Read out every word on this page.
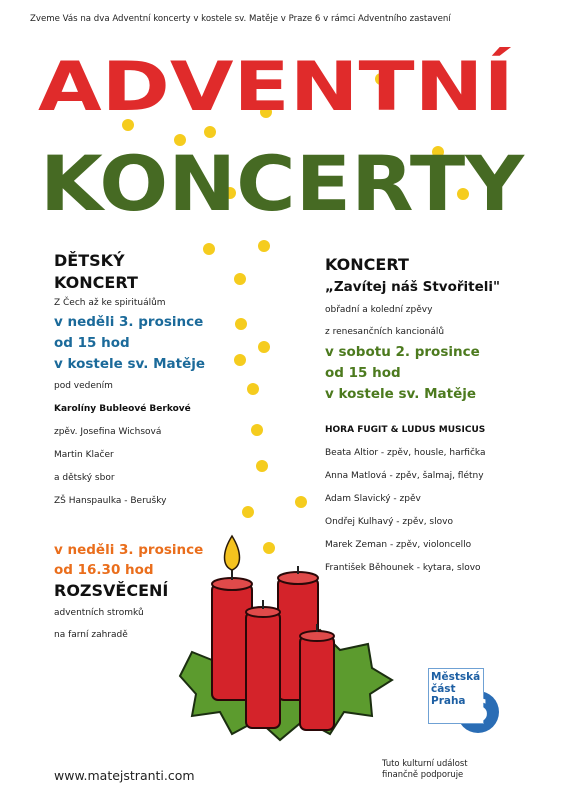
ADVENTNÍ
KONCERTY
Zveme Vás na dva Adventní koncerty v kostele sv. Matěje v Praze 6 v rámci Adventního zastavení
DĚTSKÝ
KONCERT
Z Čech až ke spirituálům
v neděli 3. prosince
od 15 hod
v kostele sv. Matěje
pod vedením
Karolíny Bubleové Berkové
zpěv. Josefina Wichsová
Martin Klačer
a dětský sbor
ZŠ Hanspaulka - Berušky
v neděli 3. prosince
od 16.30 hod
ROZSVĚCENÍ
adventních stromků
na farní zahradě
KONCERT
„Zavítej náš Stvořiteli"
obřadní a kolední zpěvy
z renesančních kancionálů
v sobotu 2. prosince
od 15 hod
v kostele sv. Matěje
HORA FUGIT & LUDUS MUSICUS
Beata Altior - zpěv, housle, harfička
Anna Matlová - zpěv, šalmaj, flétny
Adam Slavický - zpěv
Ondřej Kulhavý - zpěv, slovo
Marek Zeman - zpěv, violoncello
František Běhounek - kytara, slovo
Městská
část
Praha 6
Tuto kulturní událost
finančně podporuje
www.matejstranti.com
